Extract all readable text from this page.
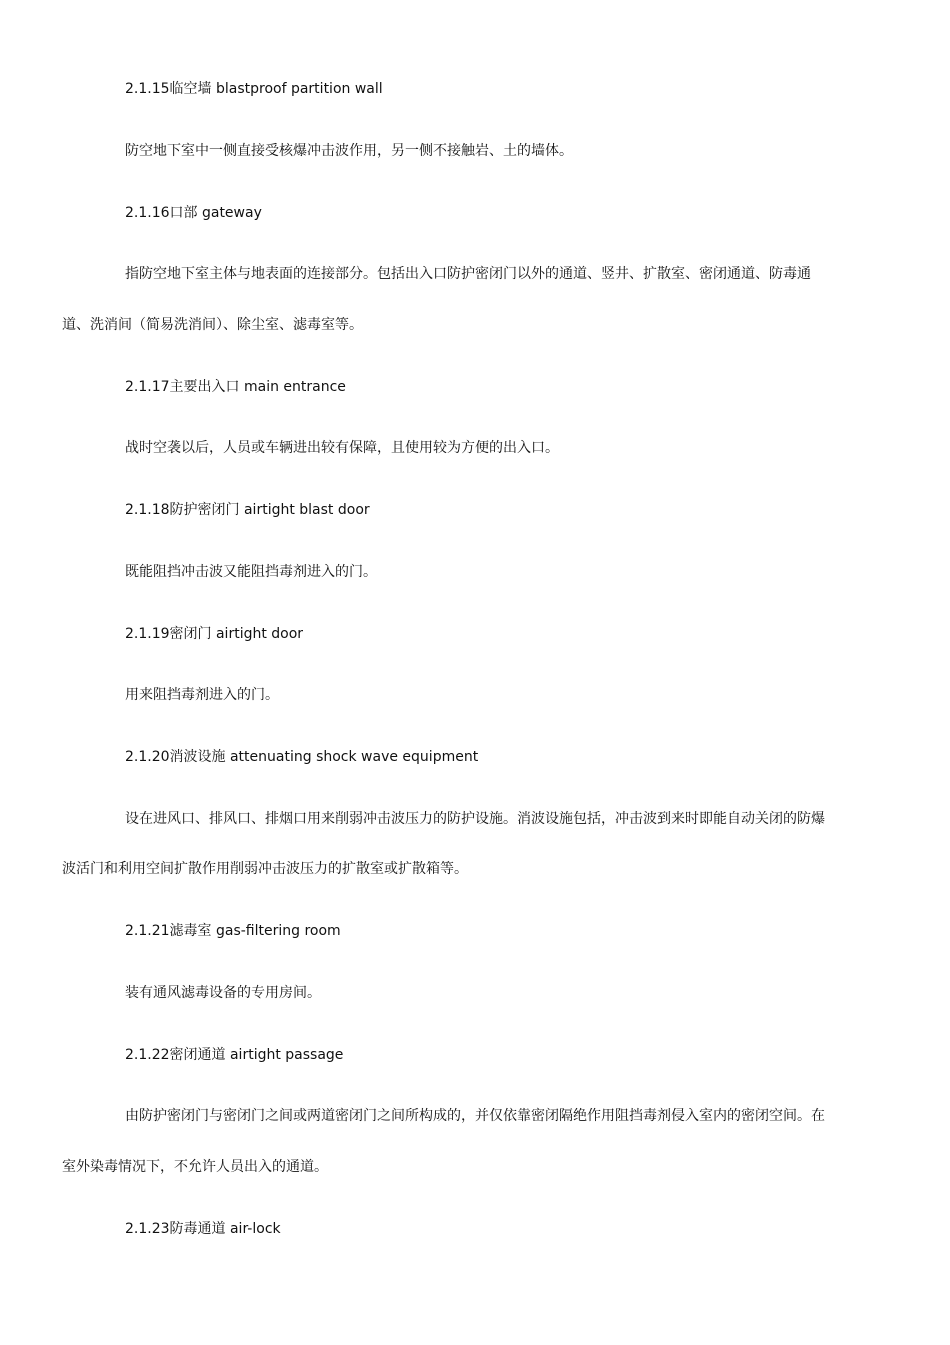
2.1.15临空墙 blastproof partition wall
防空地下室中一侧直接受核爆冲击波作用，另一侧不接触岩、土的墙体。
2.1.16口部 gateway
指防空地下室主体与地表面的连接部分。包括出入口防护密闭门以外的通道、竖井、扩散室、密闭通道、防毒通
道、洗消间（简易洗消间）、除尘室、滤毒室等。
2.1.17主要出入口 main entrance
战时空袭以后，人员或车辆进出较有保障，且使用较为方便的出入口。
2.1.18防护密闭门 airtight blast door
既能阻挡冲击波又能阻挡毒剂进入的门。
2.1.19密闭门 airtight door
用来阻挡毒剂进入的门。
2.1.20消波设施 attenuating shock wave equipment
设在进风口、排风口、排烟口用来削弱冲击波压力的防护设施。消波设施包括，冲击波到来时即能自动关闭的防爆
波活门和利用空间扩散作用削弱冲击波压力的扩散室或扩散箱等。
2.1.21滤毒室 gas-filtering room
装有通风滤毒设备的专用房间。
2.1.22密闭通道 airtight passage
由防护密闭门与密闭门之间或两道密闭门之间所构成的，并仅依靠密闭隔绝作用阻挡毒剂侵入室内的密闭空间。在
室外染毒情况下，不允许人员出入的通道。
2.1.23防毒通道 air-lock
